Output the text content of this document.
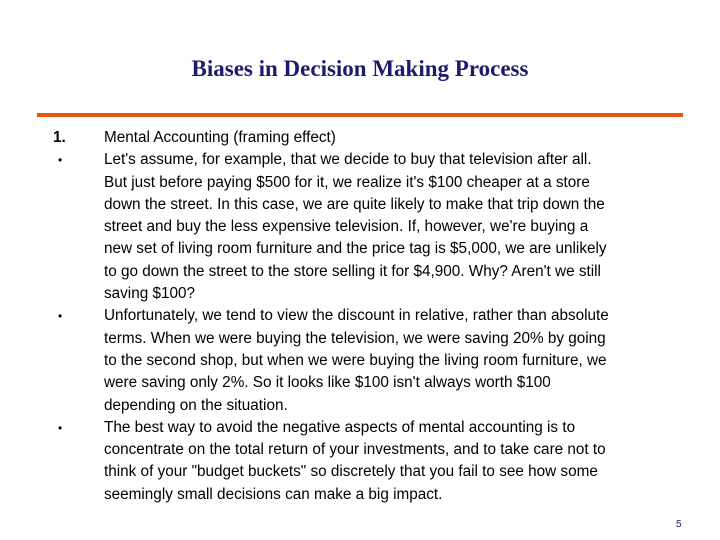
Biases in Decision Making Process
1.	Mental Accounting (framing effect)
•	Let's assume, for example, that we decide to buy that television after all.
But just before paying $500 for it, we realize it's $100 cheaper at a store
down the street. In this case, we are quite likely to make that trip down the
street and buy the less expensive television. If, however, we're buying a
new set of living room furniture and the price tag is $5,000, we are unlikely
to go down the street to the store selling it for $4,900. Why? Aren't we still
saving $100?
•	Unfortunately, we tend to view the discount in relative, rather than absolute
terms. When we were buying the television, we were saving 20% by going
to the second shop, but when we were buying the living room furniture, we
were saving only 2%. So it looks like $100 isn't always worth $100
depending on the situation.
•	The best way to avoid the negative aspects of mental accounting is to
concentrate on the total return of your investments, and to take care not to
think of your "budget buckets" so discretely that you fail to see how some
seemingly small decisions can make a big impact.
5
